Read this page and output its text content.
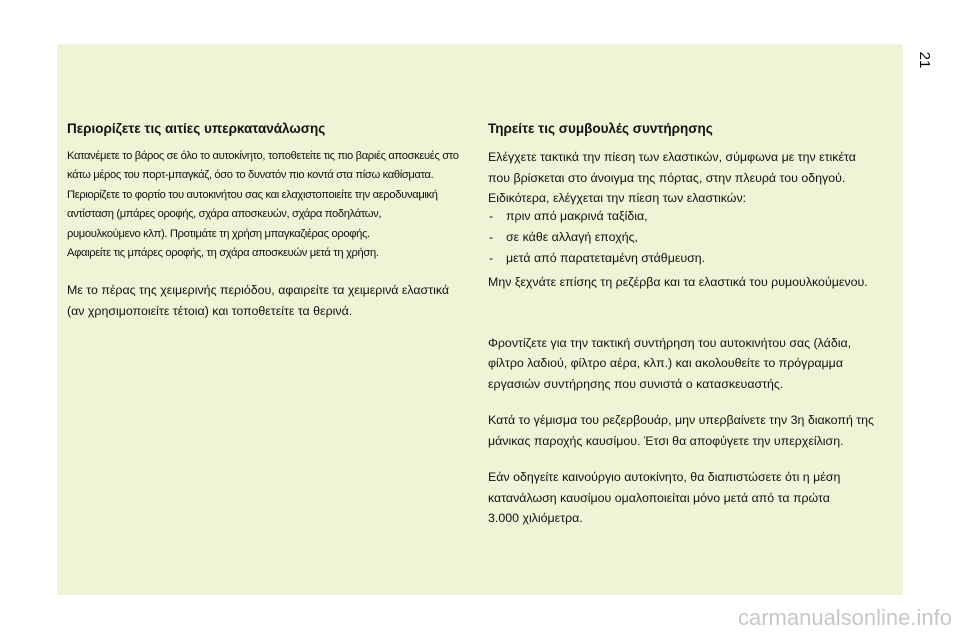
21
Περιορίζετε τις αιτίες υπερκατανάλωσης

Κατανέμετε το βάρος σε όλο το αυτοκίνητο, τοποθετείτε τις πιο βαριές αποσκευές στο
κάτω μέρος του πορτ-μπαγκάζ, όσο το δυνατόν πιο κοντά στα πίσω καθίσματα.
Περιορίζετε το φορτίο του αυτοκινήτου σας και ελαχιστοποιείτε την αεροδυναμική
αντίσταση (μπάρες οροφής, σχάρα αποσκευών, σχάρα ποδηλάτων,
ρυμουλκούμενο κλπ). Προτιμάτε τη χρήση μπαγκαζιέρας οροφής.
Αφαιρείτε τις μπάρες οροφής, τη σχάρα αποσκευών μετά τη χρήση.

Με το πέρας της χειμερινής περιόδου, αφαιρείτε τα χειμερινά ελαστικά
(αν χρησιμοποιείτε τέτοια) και τοποθετείτε τα θερινά.

Τηρείτε τις συμβουλές συντήρησης

Ελέγχετε τακτικά την πίεση των ελαστικών, σύμφωνα με την ετικέτα
που βρίσκεται στο άνοιγμα της πόρτας, στην πλευρά του οδηγού.

Ειδικότερα, ελέγχεται την πίεση των ελαστικών:

- πριν από μακρινά ταξίδια,
- σε κάθε αλλαγή εποχής,
- μετά από παρατεταμένη στάθμευση.

Μην ξεχνάτε επίσης τη ρεζέρβα και τα ελαστικά του ρυμουλκούμενου.

Φροντίζετε για την τακτική συντήρηση του αυτοκινήτου σας (λάδια,
φίλτρο λαδιού, φίλτρο αέρα, κλπ.) και ακολουθείτε το πρόγραμμα
εργασιών συντήρησης που συνιστά ο κατασκευαστής.

Κατά το γέμισμα του ρεζερβουάρ, μην υπερβαίνετε την 3η διακοπή της
μάνικας παροχής καυσίμου. Έτσι θα αποφύγετε την υπερχείλιση.

Εάν οδηγείτε καινούργιο αυτοκίνητο, θα διαπιστώσετε ότι η μέση
κατανάλωση καυσίμου ομαλοποιείται μόνο μετά από τα πρώτα
3.000 χιλιόμετρα.

carmanualsonline.info
